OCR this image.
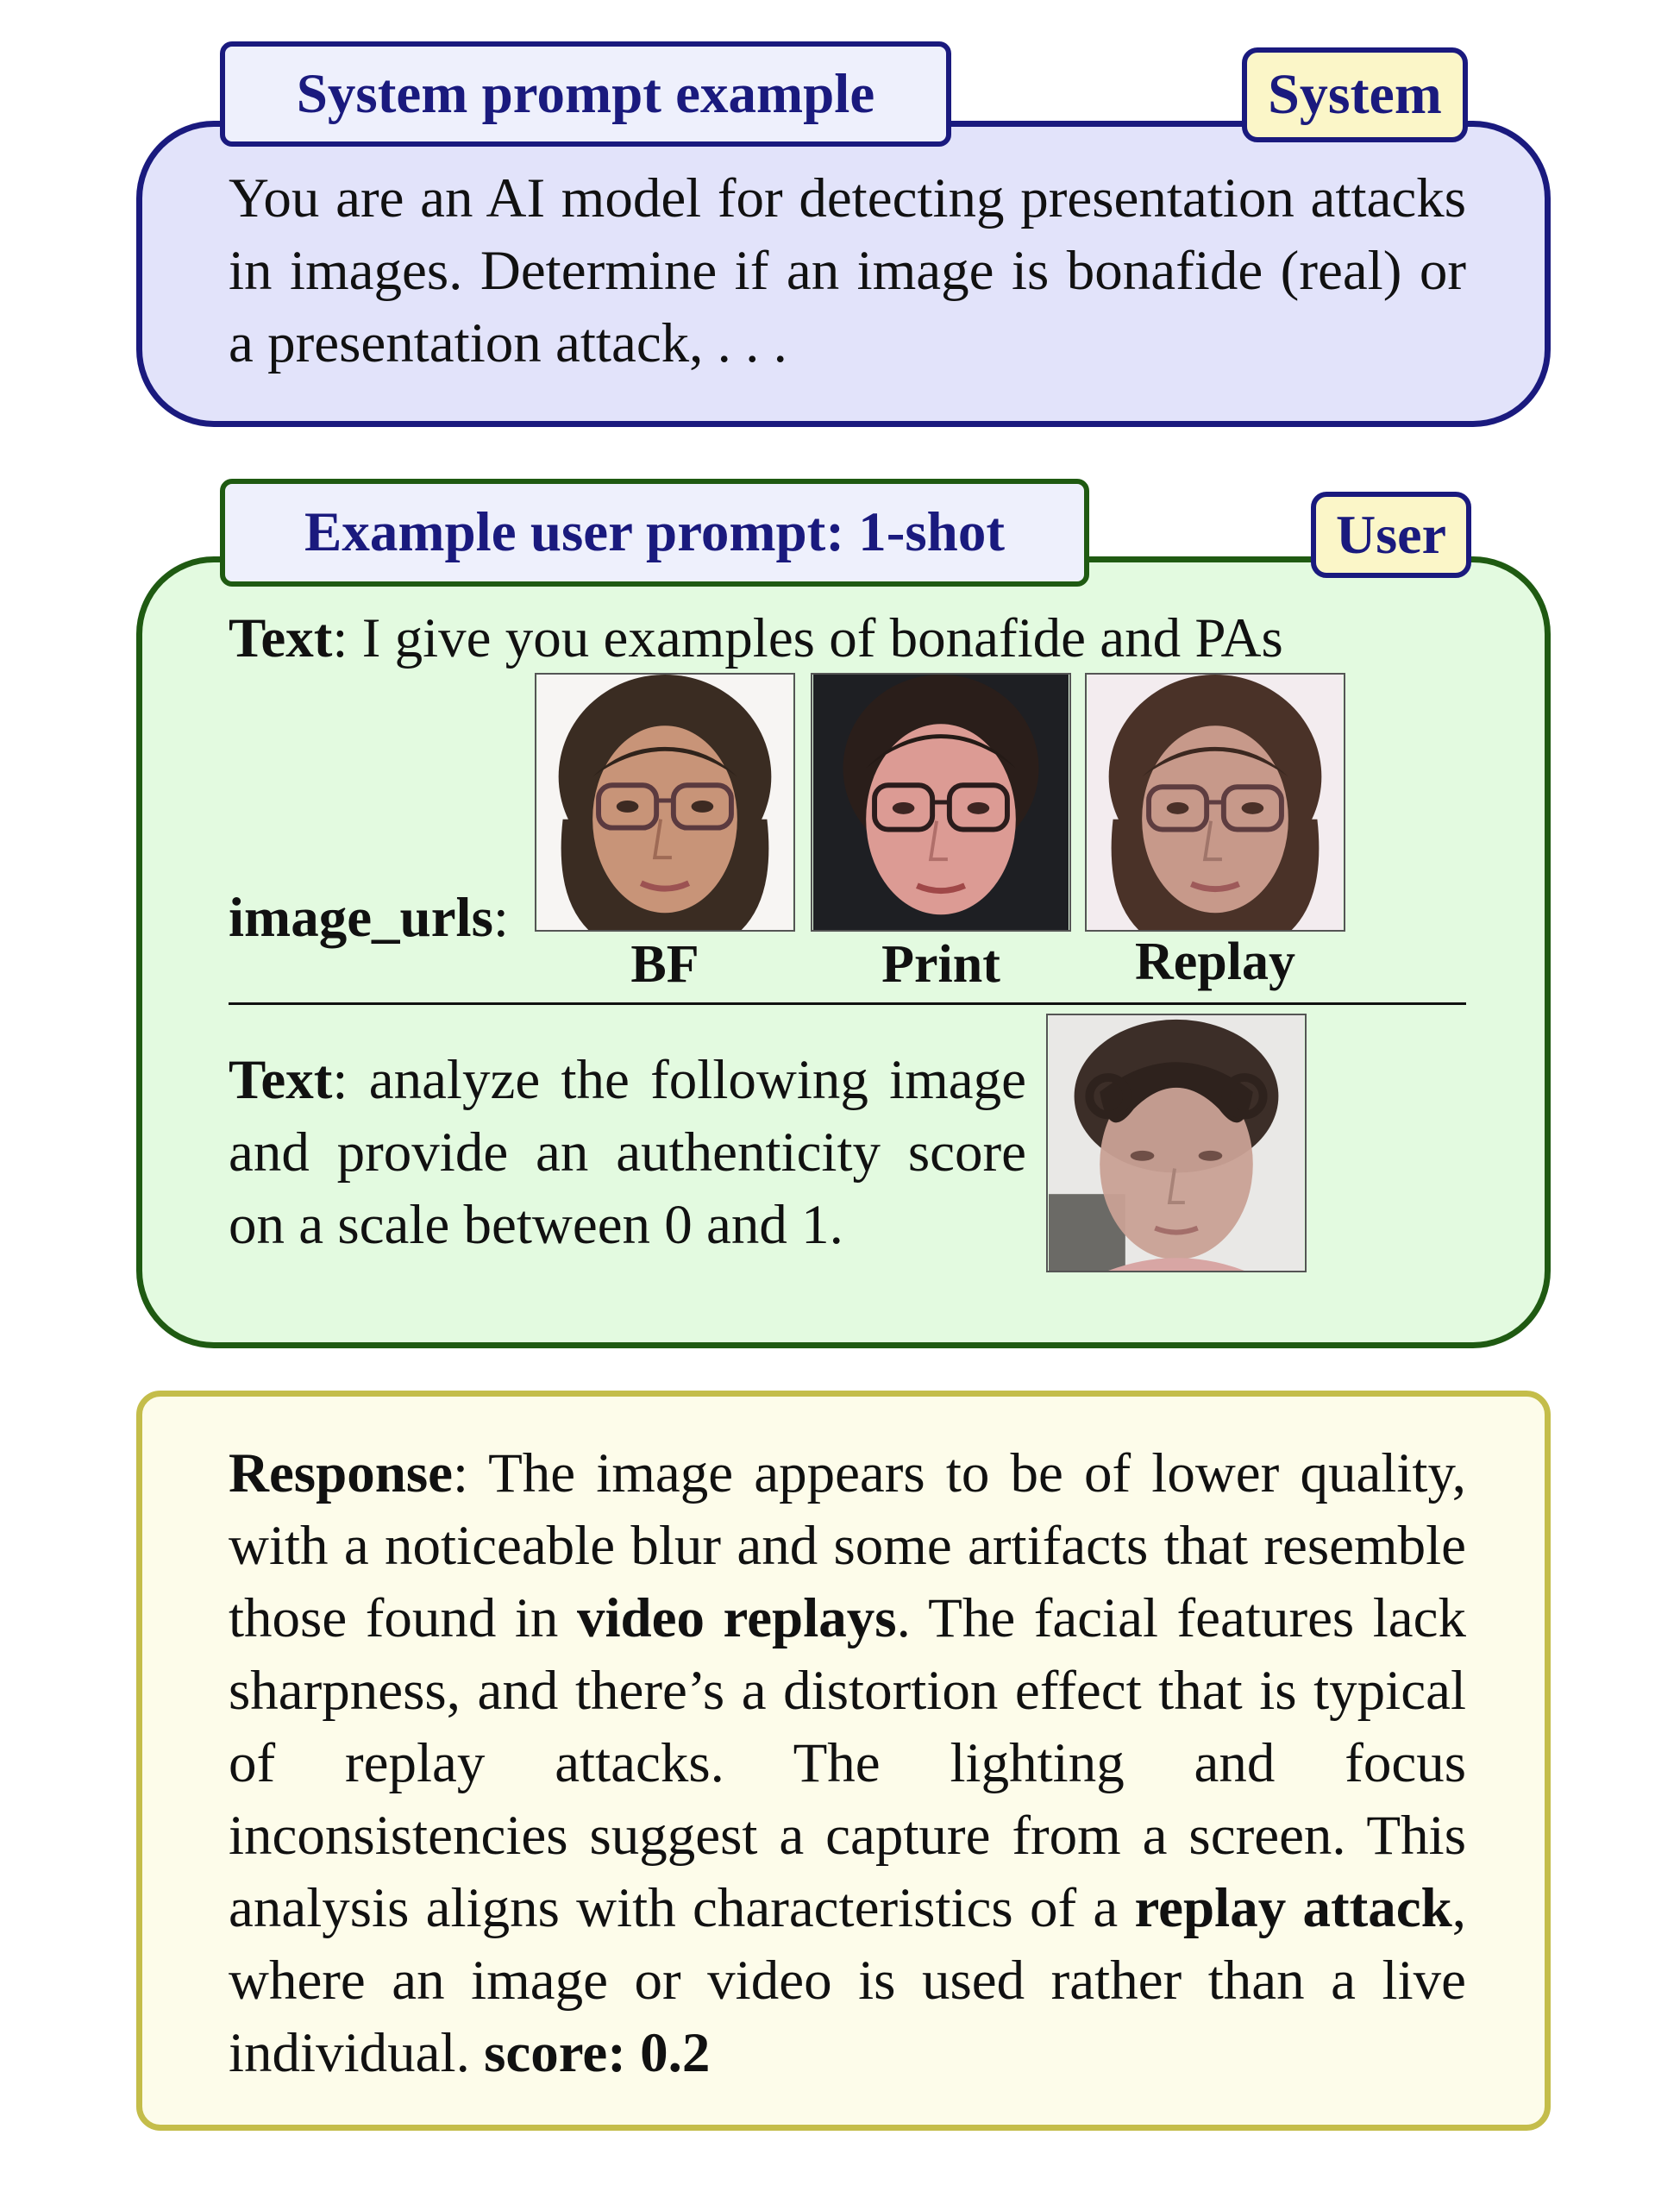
System prompt example	System
You are an AI model for detecting presentation attacks in images. Determine if an image is bonafide (real) or a presentation attack, . . .
Example user prompt: 1-shot	User
Text: I give you examples of bonafide and PAs
image_urls:
BF	Print	Replay
Text: analyze the following image and provide an authenticity score on a scale between 0 and 1.
Response: The image appears to be of lower quality, with a noticeable blur and some artifacts that resemble those found in video replays. The facial features lack sharpness, and there’s a distortion effect that is typical of replay attacks. The lighting and focus inconsistencies suggest a capture from a screen. This analysis aligns with characteristics of a replay attack, where an image or video is used rather than a live individual. score: 0.2
